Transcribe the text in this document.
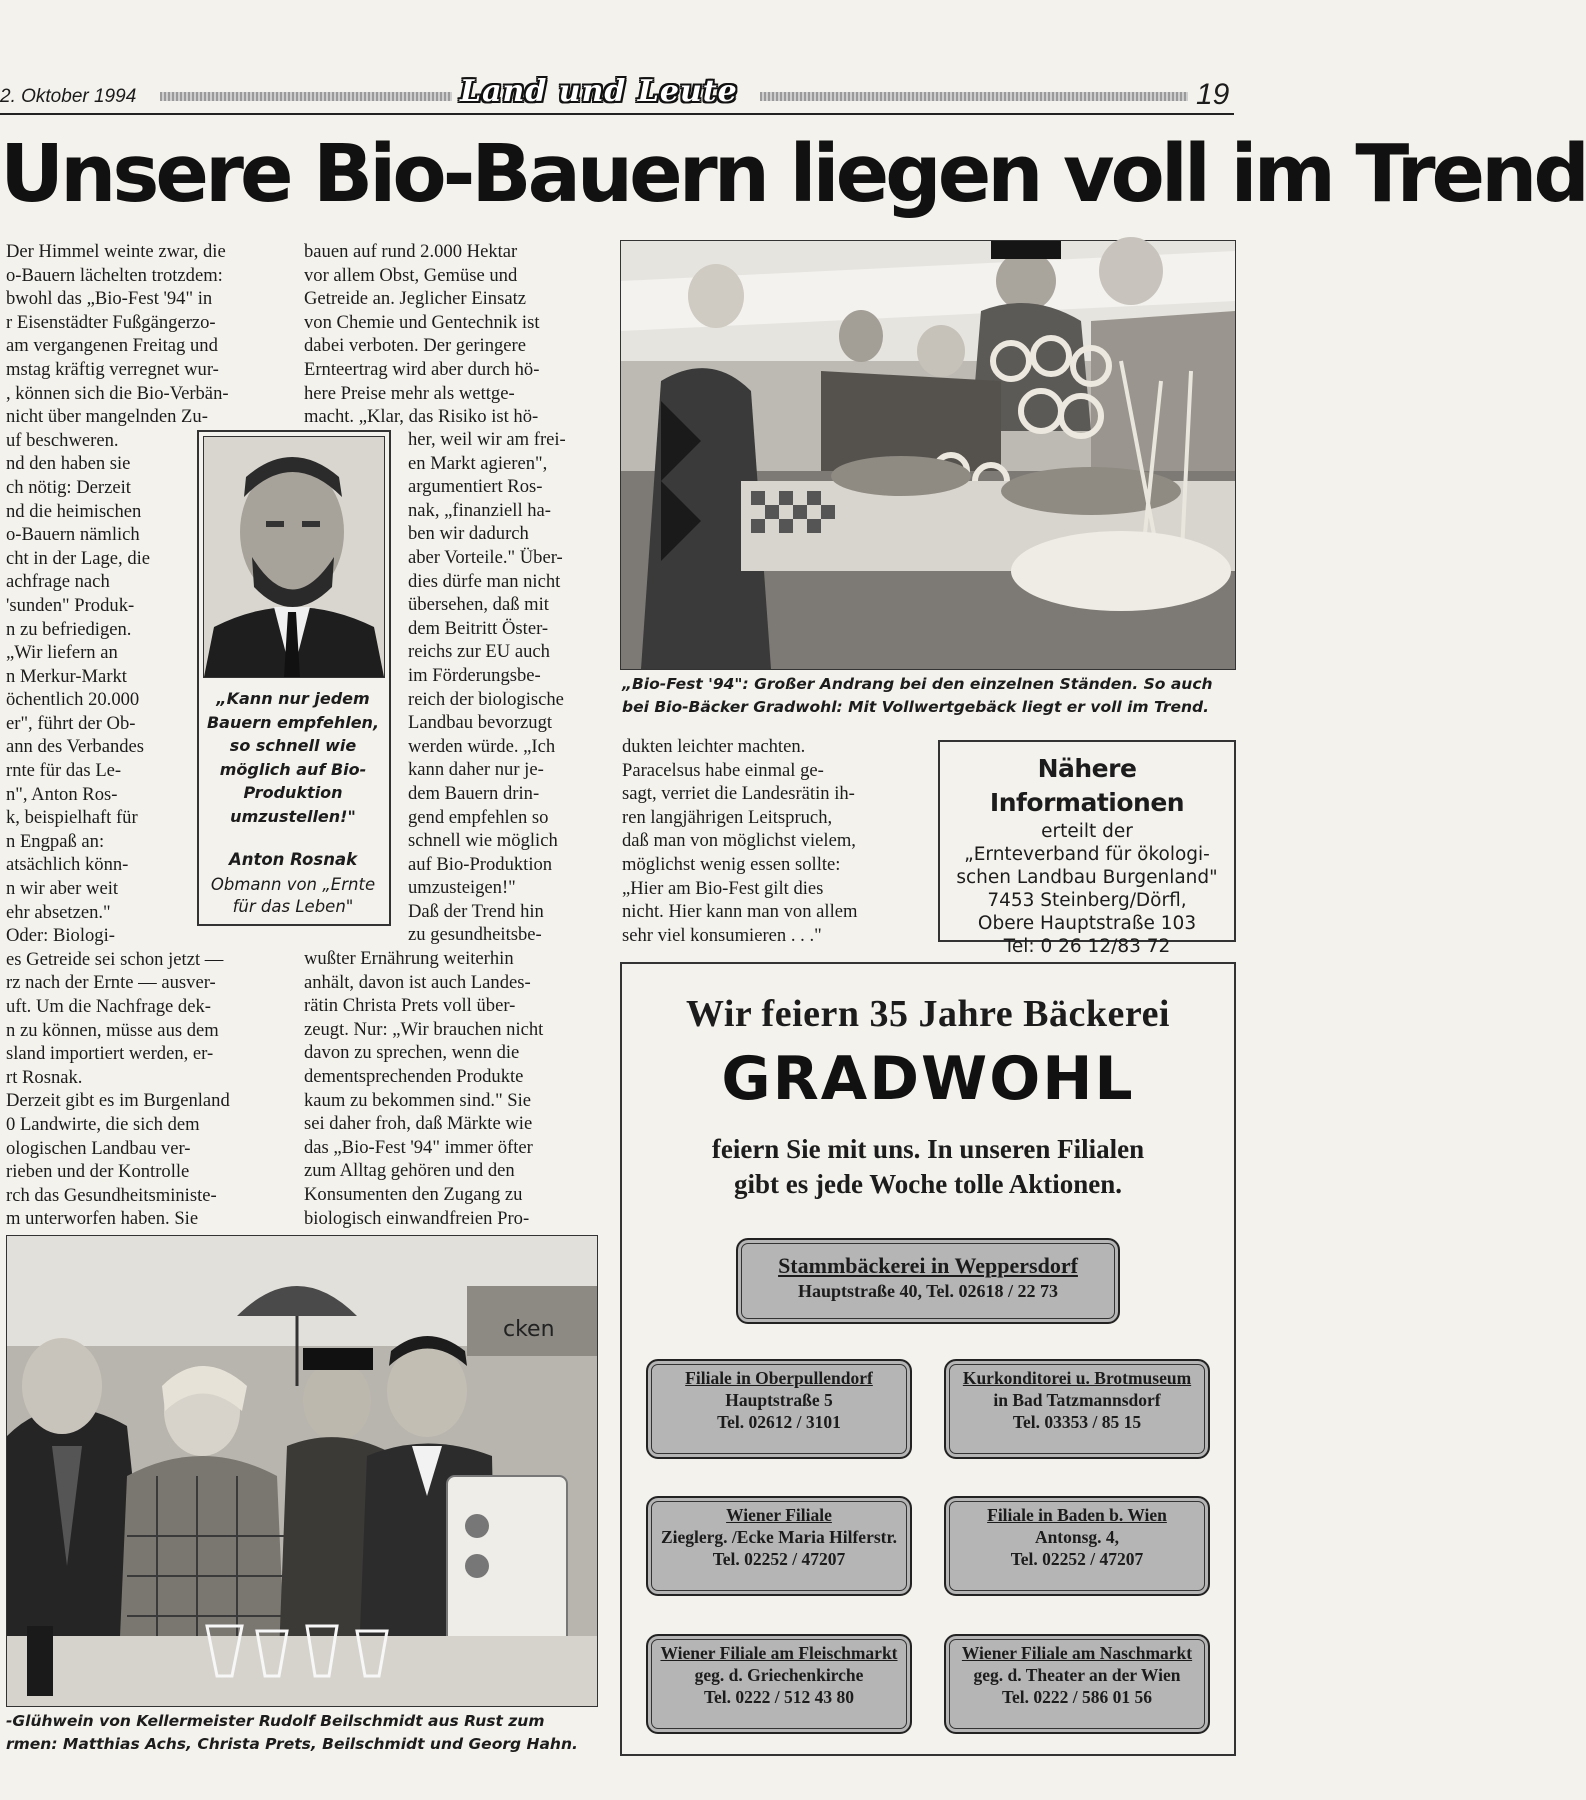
2. Oktober 1994	Land und Leute	19
Unsere Bio-Bauern liegen voll im Trend
Der Himmel weinte zwar, die
o-Bauern lächelten trotzdem:
bwohl das „Bio-Fest '94" in
r Eisenstädter Fußgängerzo-
am vergangenen Freitag und
mstag kräftig verregnet wur-
, können sich die Bio-Verbän-
nicht über mangelnden Zu-
uf beschweren.
nd den haben sie
ch nötig: Derzeit
nd die heimischen
o-Bauern nämlich
cht in der Lage, die
achfrage nach
'sunden" Produk-
n zu befriedigen.
„Wir liefern an
n Merkur-Markt
öchentlich 20.000
er", führt der Ob-
ann des Verbandes
rnte für das Le-
n", Anton Ros-
k, beispielhaft für
n Engpaß an:
atsächlich könn-
n wir aber weit
ehr absetzen."
Oder: Biologi-
es Getreide sei schon jetzt —
rz nach der Ernte — ausver-
uft. Um die Nachfrage dek-
n zu können, müsse aus dem
sland importiert werden, er-
rt Rosnak.
Derzeit gibt es im Burgenland
0 Landwirte, die sich dem
ologischen Landbau ver-
rieben und der Kontrolle
rch das Gesundheitsministe-
m unterworfen haben. Sie
bauen auf rund 2.000 Hektar
vor allem Obst, Gemüse und
Getreide an. Jeglicher Einsatz
von Chemie und Gentechnik ist
dabei verboten. Der geringere
Ernteertrag wird aber durch hö-
here Preise mehr als wettge-
macht. „Klar, das Risiko ist hö-
her, weil wir am frei-
en Markt agieren",
argumentiert Ros-
nak, „finanziell ha-
ben wir dadurch
aber Vorteile." Über-
dies dürfe man nicht
übersehen, daß mit
dem Beitritt Öster-
reichs zur EU auch
im Förderungsbe-
reich der biologische
Landbau bevorzugt
werden würde. „Ich
kann daher nur je-
dem Bauern drin-
gend empfehlen so
schnell wie möglich
auf Bio-Produktion
umzusteigen!"
Daß der Trend hin
zu gesundheitsbe-
wußter Ernährung weiterhin
anhält, davon ist auch Landes-
rätin Christa Prets voll über-
zeugt. Nur: „Wir brauchen nicht
davon zu sprechen, wenn die
dementsprechenden Produkte
kaum zu bekommen sind." Sie
sei daher froh, daß Märkte wie
das „Bio-Fest '94" immer öfter
zum Alltag gehören und den
Konsumenten den Zugang zu
biologisch einwandfreien Pro-
„Kann nur jedem Bauern empfehlen, so schnell wie möglich auf Bio-Produktion umzustellen!"
Anton Rosnak
Obmann von „Ernte für das Leben"
„Bio-Fest '94": Großer Andrang bei den einzelnen Ständen. So auch bei Bio-Bäcker Gradwohl: Mit Vollwertgebäck liegt er voll im Trend.
dukten leichter machten.
Paracelsus habe einmal ge-
sagt, verriet die Landesrätin ih-
ren langjährigen Leitspruch,
daß man von möglichst vielem,
möglichst wenig essen sollte:
„Hier am Bio-Fest gilt dies
nicht. Hier kann man von allem
sehr viel konsumieren . . ."
Nähere Informationen
erteilt der
„Ernteverband für ökologi-
schen Landbau Burgenland"
7453 Steinberg/Dörfl,
Obere Hauptstraße 103
Tel: 0 26 12/83 72
cken
-Glühwein von Kellermeister Rudolf Beilschmidt aus Rust zum
rmen: Matthias Achs, Christa Prets, Beilschmidt und Georg Hahn.
Wir feiern 35 Jahre Bäckerei
GRADWOHL
feiern Sie mit uns. In unseren Filialen
gibt es jede Woche tolle Aktionen.
Stammbäckerei in Weppersdorf
Hauptstraße 40, Tel. 02618 / 22 73
Filiale in Oberpullendorf
Hauptstraße 5
Tel. 02612 / 3101
Kurkonditorei u. Brotmuseum
in Bad Tatzmannsdorf
Tel. 03353 / 85 15
Wiener Filiale
Zieglerg. /Ecke Maria Hilferstr.
Tel. 02252 / 47207
Filiale in Baden b. Wien
Antonsg. 4,
Tel. 02252 / 47207
Wiener Filiale am Fleischmarkt
geg. d. Griechenkirche
Tel. 0222 / 512 43 80
Wiener Filiale am Naschmarkt
geg. d. Theater an der Wien
Tel. 0222 / 586 01 56
